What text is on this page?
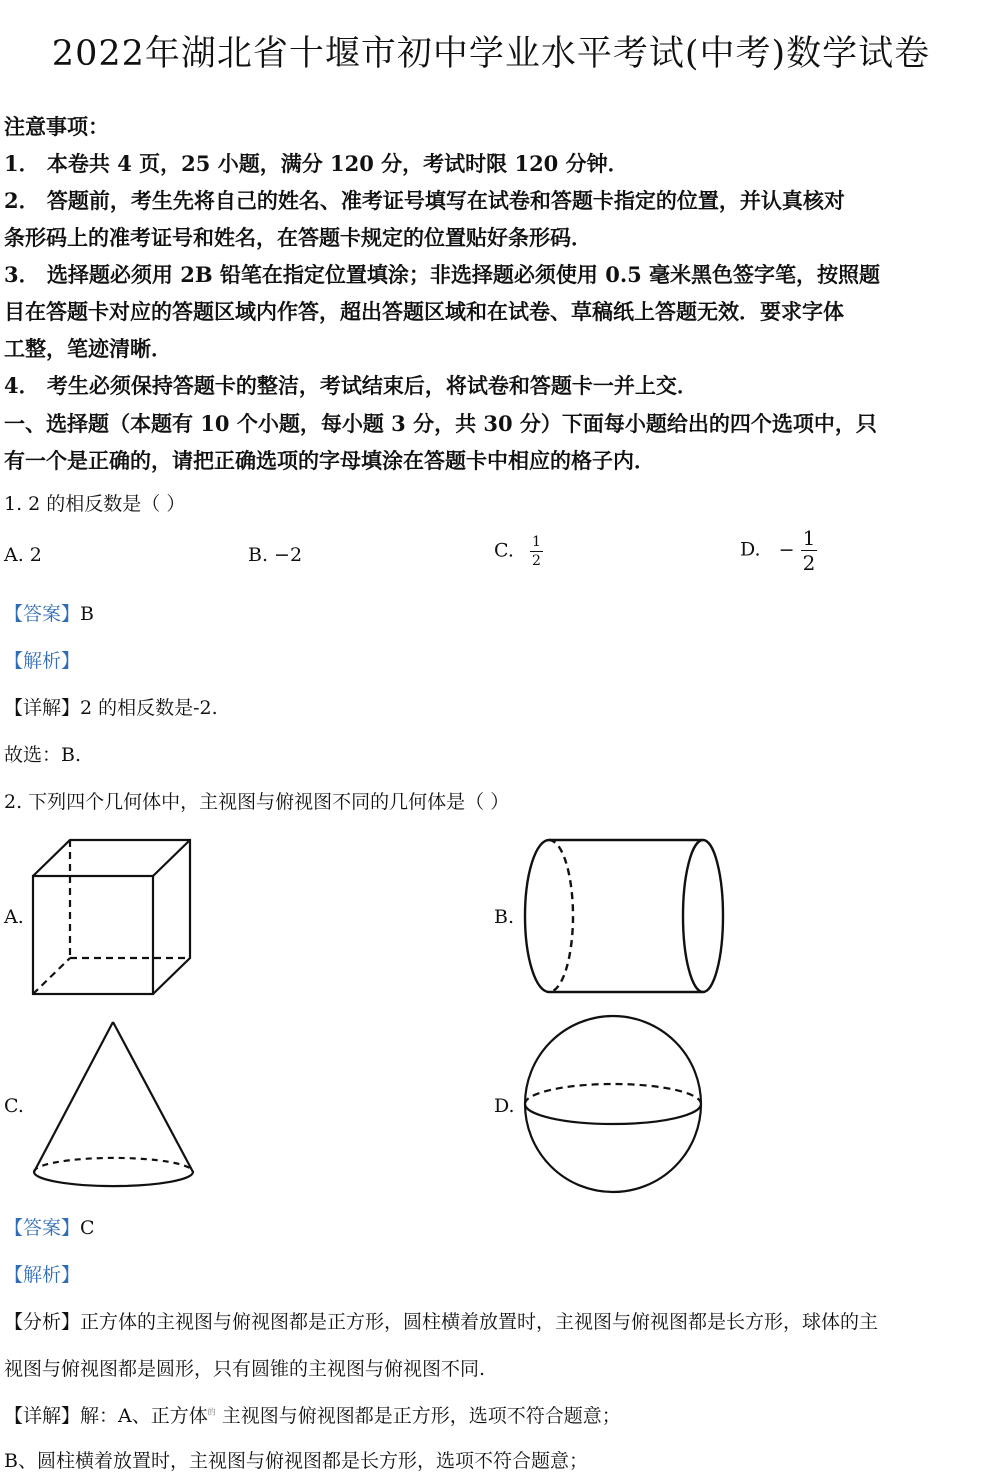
2022年湖北省十堰市初中学业水平考试(中考)数学试卷
注意事项：
1． 本卷共 4 页，25 小题，满分 120 分，考试时限 120 分钟．
2． 答题前，考生先将自己的姓名、准考证号填写在试卷和答题卡指定的位置，并认真核对
条形码上的准考证号和姓名，在答题卡规定的位置贴好条形码．
3． 选择题必须用 2B 铅笔在指定位置填涂；非选择题必须使用 0.5 毫米黑色签字笔，按照题
目在答题卡对应的答题区域内作答，超出答题区域和在试卷、草稿纸上答题无效．要求字体
工整，笔迹清晰．
4． 考生必须保持答题卡的整洁，考试结束后，将试卷和答题卡一并上交．
一、选择题（本题有 10 个小题，每小题 3 分，共 30 分）下面每小题给出的四个选项中，只
有一个是正确的，请把正确选项的字母填涂在答题卡中相应的格子内．
1. 2 的相反数是（ ）
A. 2	B. −2	C. $\frac{1}{2}$	D. − $\frac{1}{2}$
【答案】B
【解析】
【详解】2 的相反数是-2.
故选：B.
2. 下列四个几何体中，主视图与俯视图不同的几何体是（ ）
A.	B.
C.	D.
【答案】C
【解析】
【分析】正方体的主视图与俯视图都是正方形，圆柱横着放置时，主视图与俯视图都是长方形，球体的主
视图与俯视图都是圆形，只有圆锥的主视图与俯视图不同.
【详解】解：A、正方体$^的$ 主视图与俯视图都是正方形，选项不符合题意；
B、圆柱横着放置时，主视图与俯视图都是长方形，选项不符合题意；
